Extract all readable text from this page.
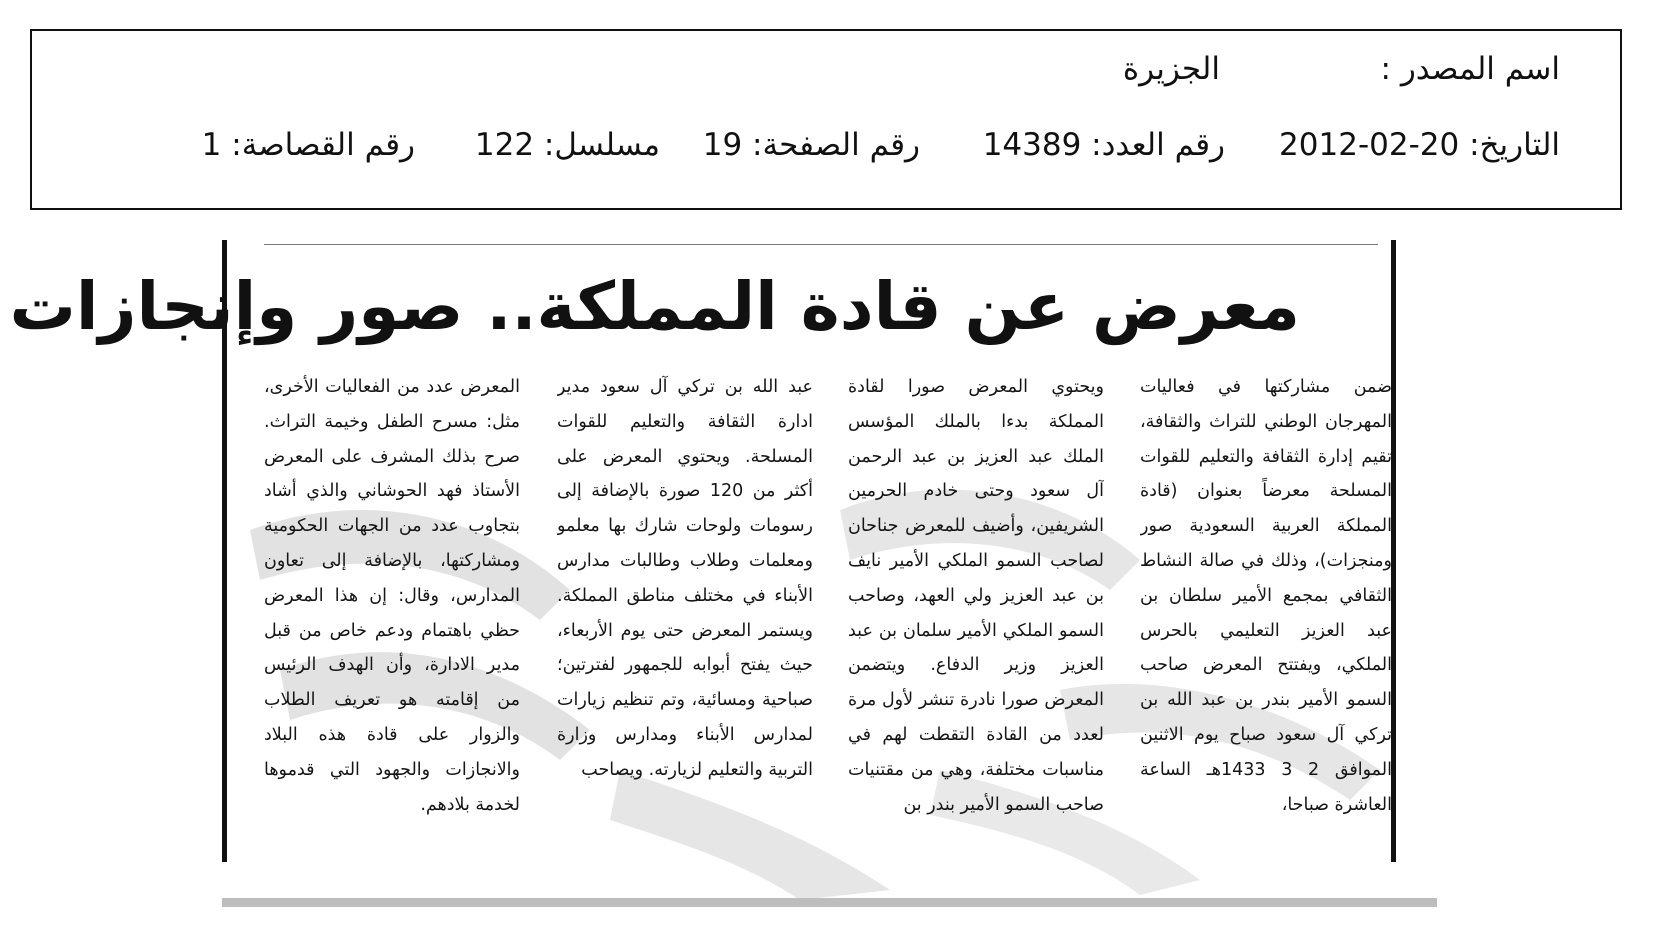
اسم المصدر :
الجزيرة
التاريخ: 20-02-2012
رقم العدد: 14389
رقم الصفحة: 19
مسلسل: 122
رقم القصاصة: 1
معرض عن قادة المملكة.. صور وإنجازات

ضمن مشاركتها في فعاليات المهرجان الوطني للتراث والثقافة، تقيم إدارة الثقافة والتعليم للقوات المسلحة معرضاً بعنوان (قادة المملكة العربية السعودية صور ومنجزات)، وذلك في صالة النشاط الثقافي بمجمع الأمير سلطان بن عبد العزيز التعليمي بالحرس الملكي، ويفتتح المعرض صاحب السمو الأمير بندر بن عبد الله بن تركي آل سعود صباح يوم الاثنين الموافق 2 3 1433هـ الساعة العاشرة صباحا،

ويحتوي المعرض صورا لقادة المملكة بدءا بالملك المؤسس الملك عبد العزيز بن عبد الرحمن آل سعود وحتى خادم الحرمين الشريفين، وأضيف للمعرض جناحان لصاحب السمو الملكي الأمير نايف بن عبد العزيز ولي العهد، وصاحب السمو الملكي الأمير سلمان بن عبد العزيز وزير الدفاع. ويتضمن المعرض صورا نادرة تنشر لأول مرة لعدد من القادة التقطت لهم في مناسبات مختلفة، وهي من مقتنيات صاحب السمو الأمير بندر بن

عبد الله بن تركي آل سعود مدير ادارة الثقافة والتعليم للقوات المسلحة. ويحتوي المعرض على أكثر من 120 صورة بالإضافة إلى رسومات ولوحات شارك بها معلمو ومعلمات وطلاب وطالبات مدارس الأبناء في مختلف مناطق المملكة. ويستمر المعرض حتى يوم الأربعاء، حيث يفتح أبوابه للجمهور لفترتين؛ صباحية ومسائية، وتم تنظيم زيارات لمدارس الأبناء ومدارس وزارة التربية والتعليم لزيارته. ويصاحب

المعرض عدد من الفعاليات الأخرى، مثل: مسرح الطفل وخيمة التراث. صرح بذلك المشرف على المعرض الأستاذ فهد الحوشاني والذي أشاد بتجاوب عدد من الجهات الحكومية ومشاركتها، بالإضافة إلى تعاون المدارس، وقال: إن هذا المعرض حظي باهتمام ودعم خاص من قبل مدير الادارة، وأن الهدف الرئيس من إقامته هو تعريف الطلاب والزوار على قادة هذه البلاد والانجازات والجهود التي قدموها لخدمة بلادهم.
